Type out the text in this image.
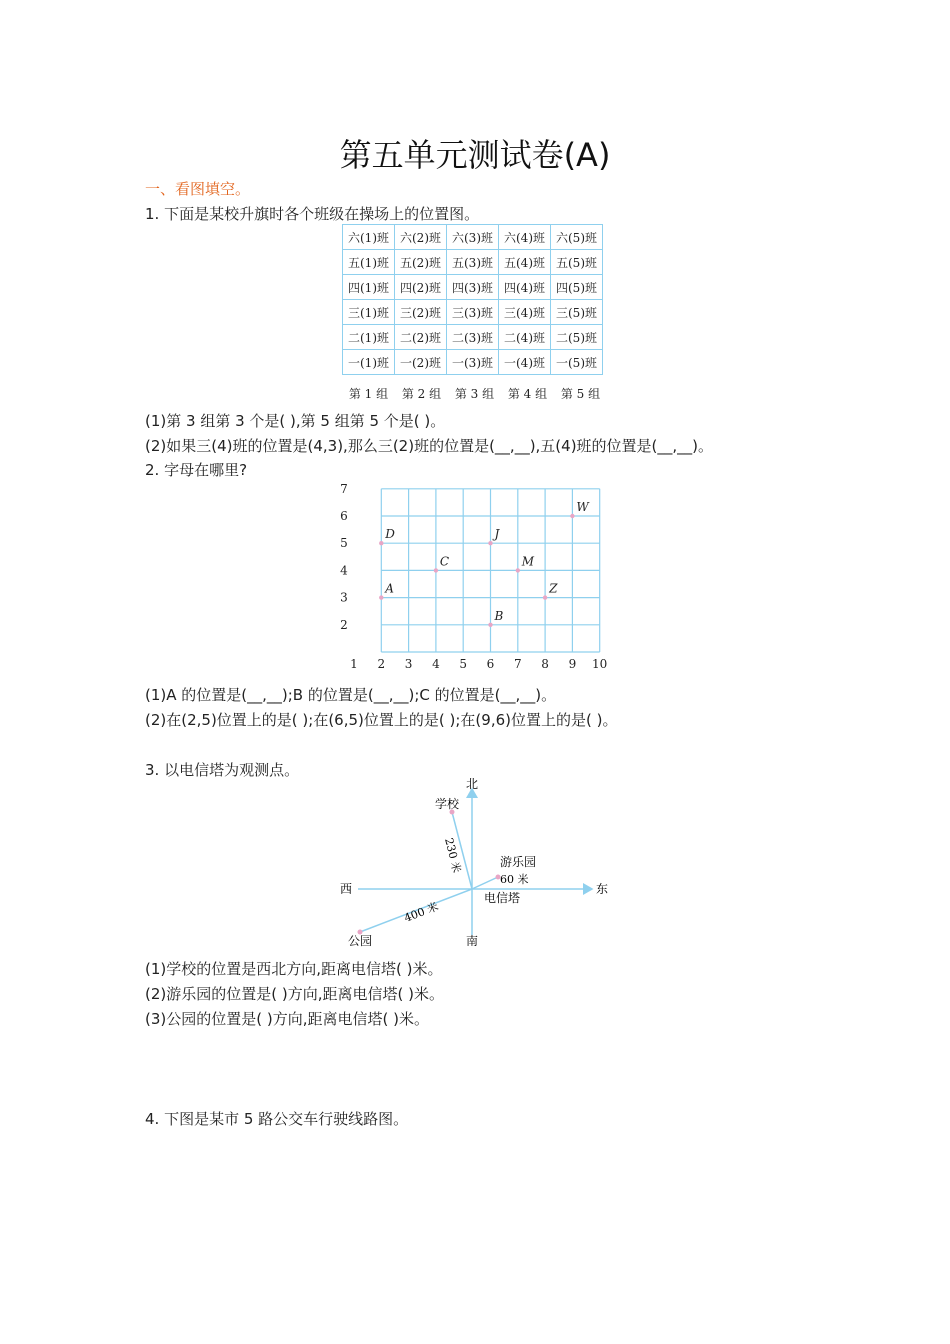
第五单元测试卷(A)
一、看图填空。
1. 下面是某校升旗时各个班级在操场上的位置图。
六(1)班	六(2)班	六(3)班	六(4)班	六(5)班
五(1)班	五(2)班	五(3)班	五(4)班	五(5)班
四(1)班	四(2)班	四(3)班	四(4)班	四(5)班
三(1)班	三(2)班	三(3)班	三(4)班	三(5)班
二(1)班	二(2)班	二(3)班	二(4)班	二(5)班
一(1)班	一(2)班	一(3)班	一(4)班	一(5)班
第 1 组	第 2 组	第 3 组	第 4 组	第 5 组
(1)第 3 组第 3 个是( ),第 5 组第 5 个是( )。
(2)如果三(4)班的位置是(4,3),那么三(2)班的位置是(__,__),五(4)班的位置是(__,__)。
2. 字母在哪里?
1 2 3 4 5 6 7 8 9 10
2
3
4
5
6
7
D
A
C
J
B
M
Z
W
(1)A 的位置是(__,__);B 的位置是(__,__);C 的位置是(__,__)。
(2)在(2,5)位置上的是( );在(6,5)位置上的是( );在(9,6)位置上的是( )。
3. 以电信塔为观测点。
北
南
东
西
电信塔
学校
游乐园
60 米
公园
230 米
400 米
(1)学校的位置是西北方向,距离电信塔( )米。
(2)游乐园的位置是( )方向,距离电信塔( )米。
(3)公园的位置是( )方向,距离电信塔( )米。
4. 下图是某市 5 路公交车行驶线路图。
